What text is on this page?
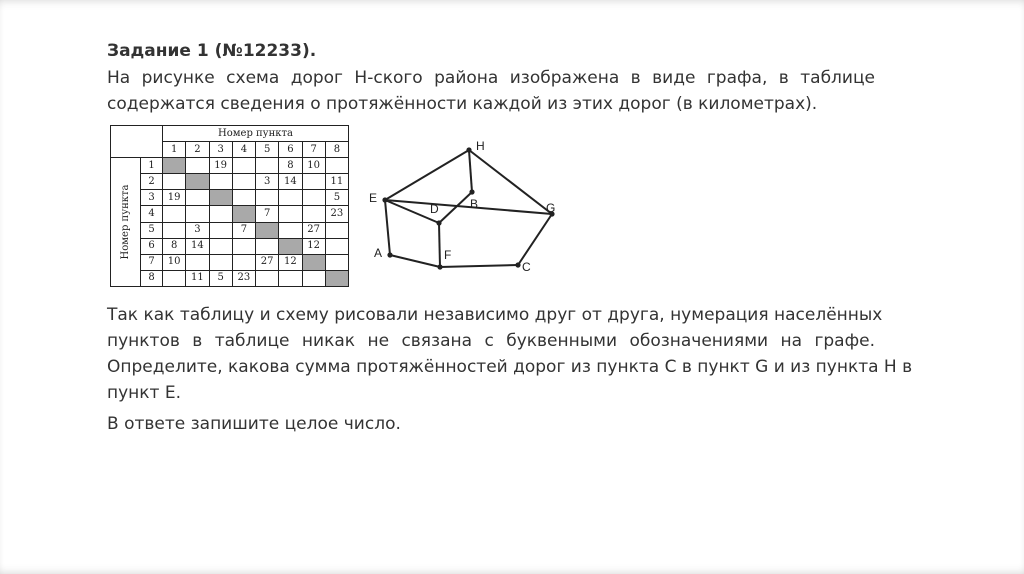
Задание 1 (№12233).

На рисунке схема дорог Н-ского района изображена в виде графа, в таблице
содержатся сведения о протяжённости каждой из этих дорог (в километрах).

		Номер пункта							
		1	2	3	4	5	6	7	8

Номер пункта	1			19			8	10	
	2					3	14		11
	3	19							5
	4					7			23
	5		3		7			27	
	6	8	14					12	
	7	10				27	12		
	8		11	5	23				
H
E
D	B	G
A	F
C

Так как таблицу и схему рисовали независимо друг от друга, нумерация населённых
пунктов в таблице никак не связана с буквенными обозначениями на графе.
Определите, какова сумма протяжённостей дорог из пункта C в пункт G и из пункта H в
пункт E.

В ответе запишите целое число.
